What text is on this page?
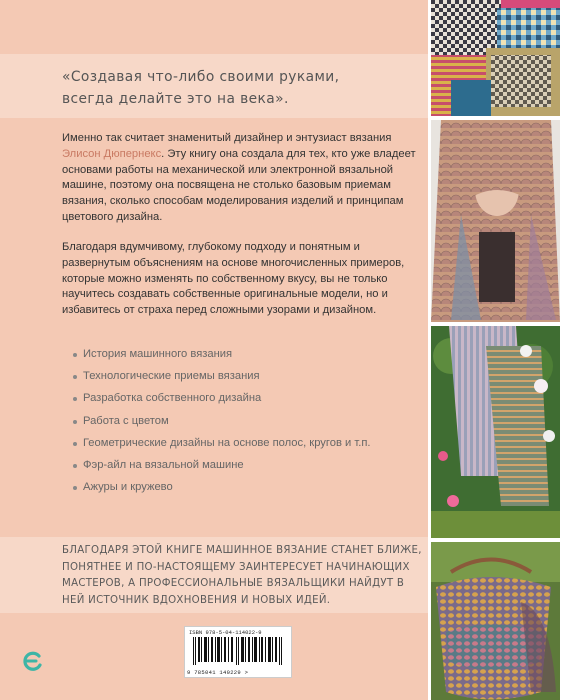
«Создавая что-либо своими руками,
всегда делайте это на века».

Именно так считает знаменитый дизайнер и энтузиаст вязания Элисон Дюпернекс. Эту книгу она создала для тех, кто уже владеет основами работы на механической или электронной вязальной машине, поэтому она посвящена не столько базовым приемам вязания, сколько способам моделирования изделий и принципам цветового дизайна.

Благодаря вдумчивому, глубокому подходу и понятным и развернутым объяснениям на основе многочисленных примеров, которые можно изменять по собственному вкусу, вы не только научитесь создавать собственные оригинальные модели, но и избавитесь от страха перед сложными узорами и дизайном.

История машинного вязания
Технологические приемы вязания
Разработка собственного дизайна
Работа с цветом
Геометрические дизайны на основе полос, кругов и т.п.
Фэр-айл на вязальной машине
Ажуры и кружево
БЛАГОДАРЯ ЭТОЙ КНИГЕ МАШИННОЕ ВЯЗАНИЕ СТАНЕТ БЛИЖЕ, ПОНЯТНЕЕ И ПО-НАСТОЯЩЕМУ ЗАИНТЕРЕСУЕТ НАЧИНАЮЩИХ МАСТЕРОВ, А ПРОФЕССИОНАЛЬНЫЕ ВЯЗАЛЬЩИКИ НАЙДУТ В НЕЙ ИСТОЧНИК ВДОХНОВЕНИЯ И НОВЫХ ИДЕЙ.
ISBN 978-5-04-114022-9
9 785041 140229 >
